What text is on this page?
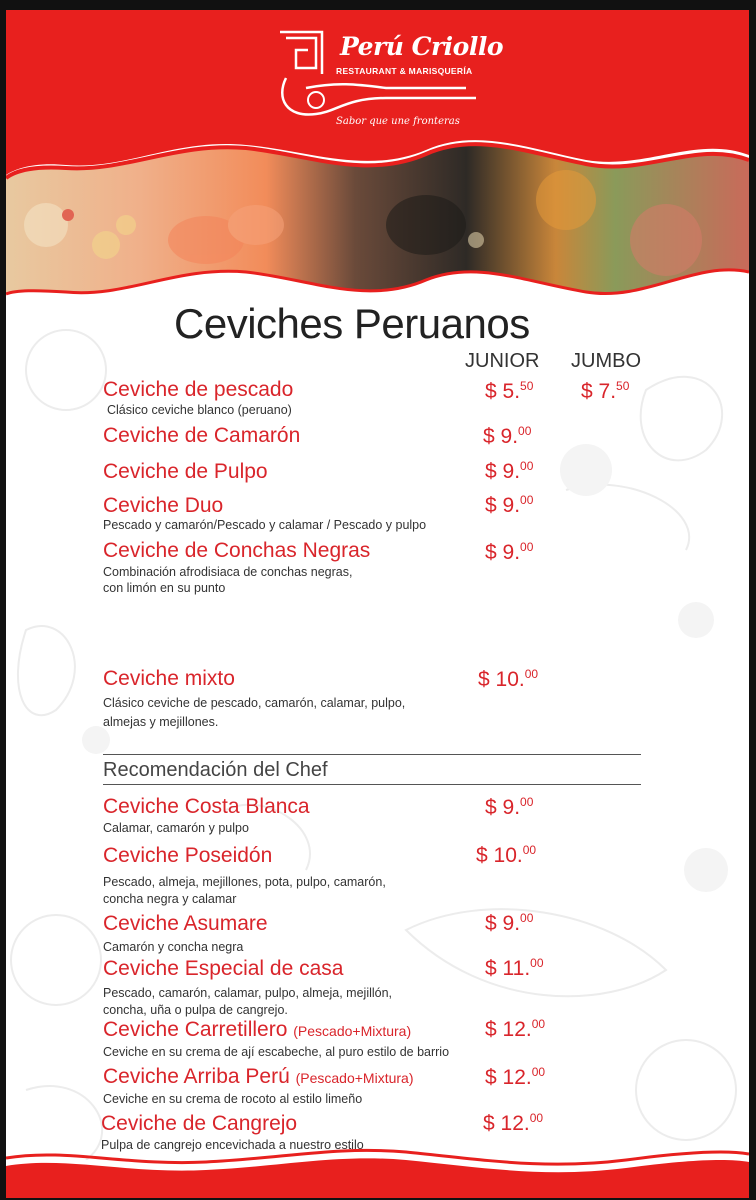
Perú Criollo
RESTAURANT & MARISQUERÍA
Sabor que une fronteras
Ceviches Peruanos
JUNIOR JUMBO
Ceviche de pescado
Clásico ceviche blanco (peruano)
$ 5.50 $ 7.50
Ceviche de Camarón	$ 9.00
Ceviche de Pulpo	$ 9.00
Ceviche Duo
Pescado y camarón/Pescado y calamar / Pescado y pulpo
$ 9.00
Ceviche de Conchas Negras
Combinación afrodisiaca de conchas negras,
con limón en su punto
$ 9.00
Ceviche mixto
Clásico ceviche de pescado, camarón, calamar, pulpo,
almejas y mejillones.
$ 10.00
Recomendación del Chef
Ceviche Costa Blanca
Calamar, camarón y pulpo
$ 9.00
Ceviche Poseidón
Pescado, almeja, mejillones, pota, pulpo, camarón,
concha negra y calamar
$ 10.00
Ceviche Asumare
Camarón y concha negra
$ 9.00
Ceviche Especial de casa
Pescado, camarón, calamar, pulpo, almeja, mejillón,
concha, uña o pulpa de cangrejo.
$ 11.00
Ceviche Carretillero (Pescado+Mixtura)
Ceviche en su crema de ají escabeche, al puro estilo de barrio
$ 12.00
Ceviche Arriba Perú (Pescado+Mixtura)
Ceviche en su crema de rocoto al estilo limeño
$ 12.00
Ceviche de Cangrejo
Pulpa de cangrejo encevichada a nuestro estilo
$ 12.00
